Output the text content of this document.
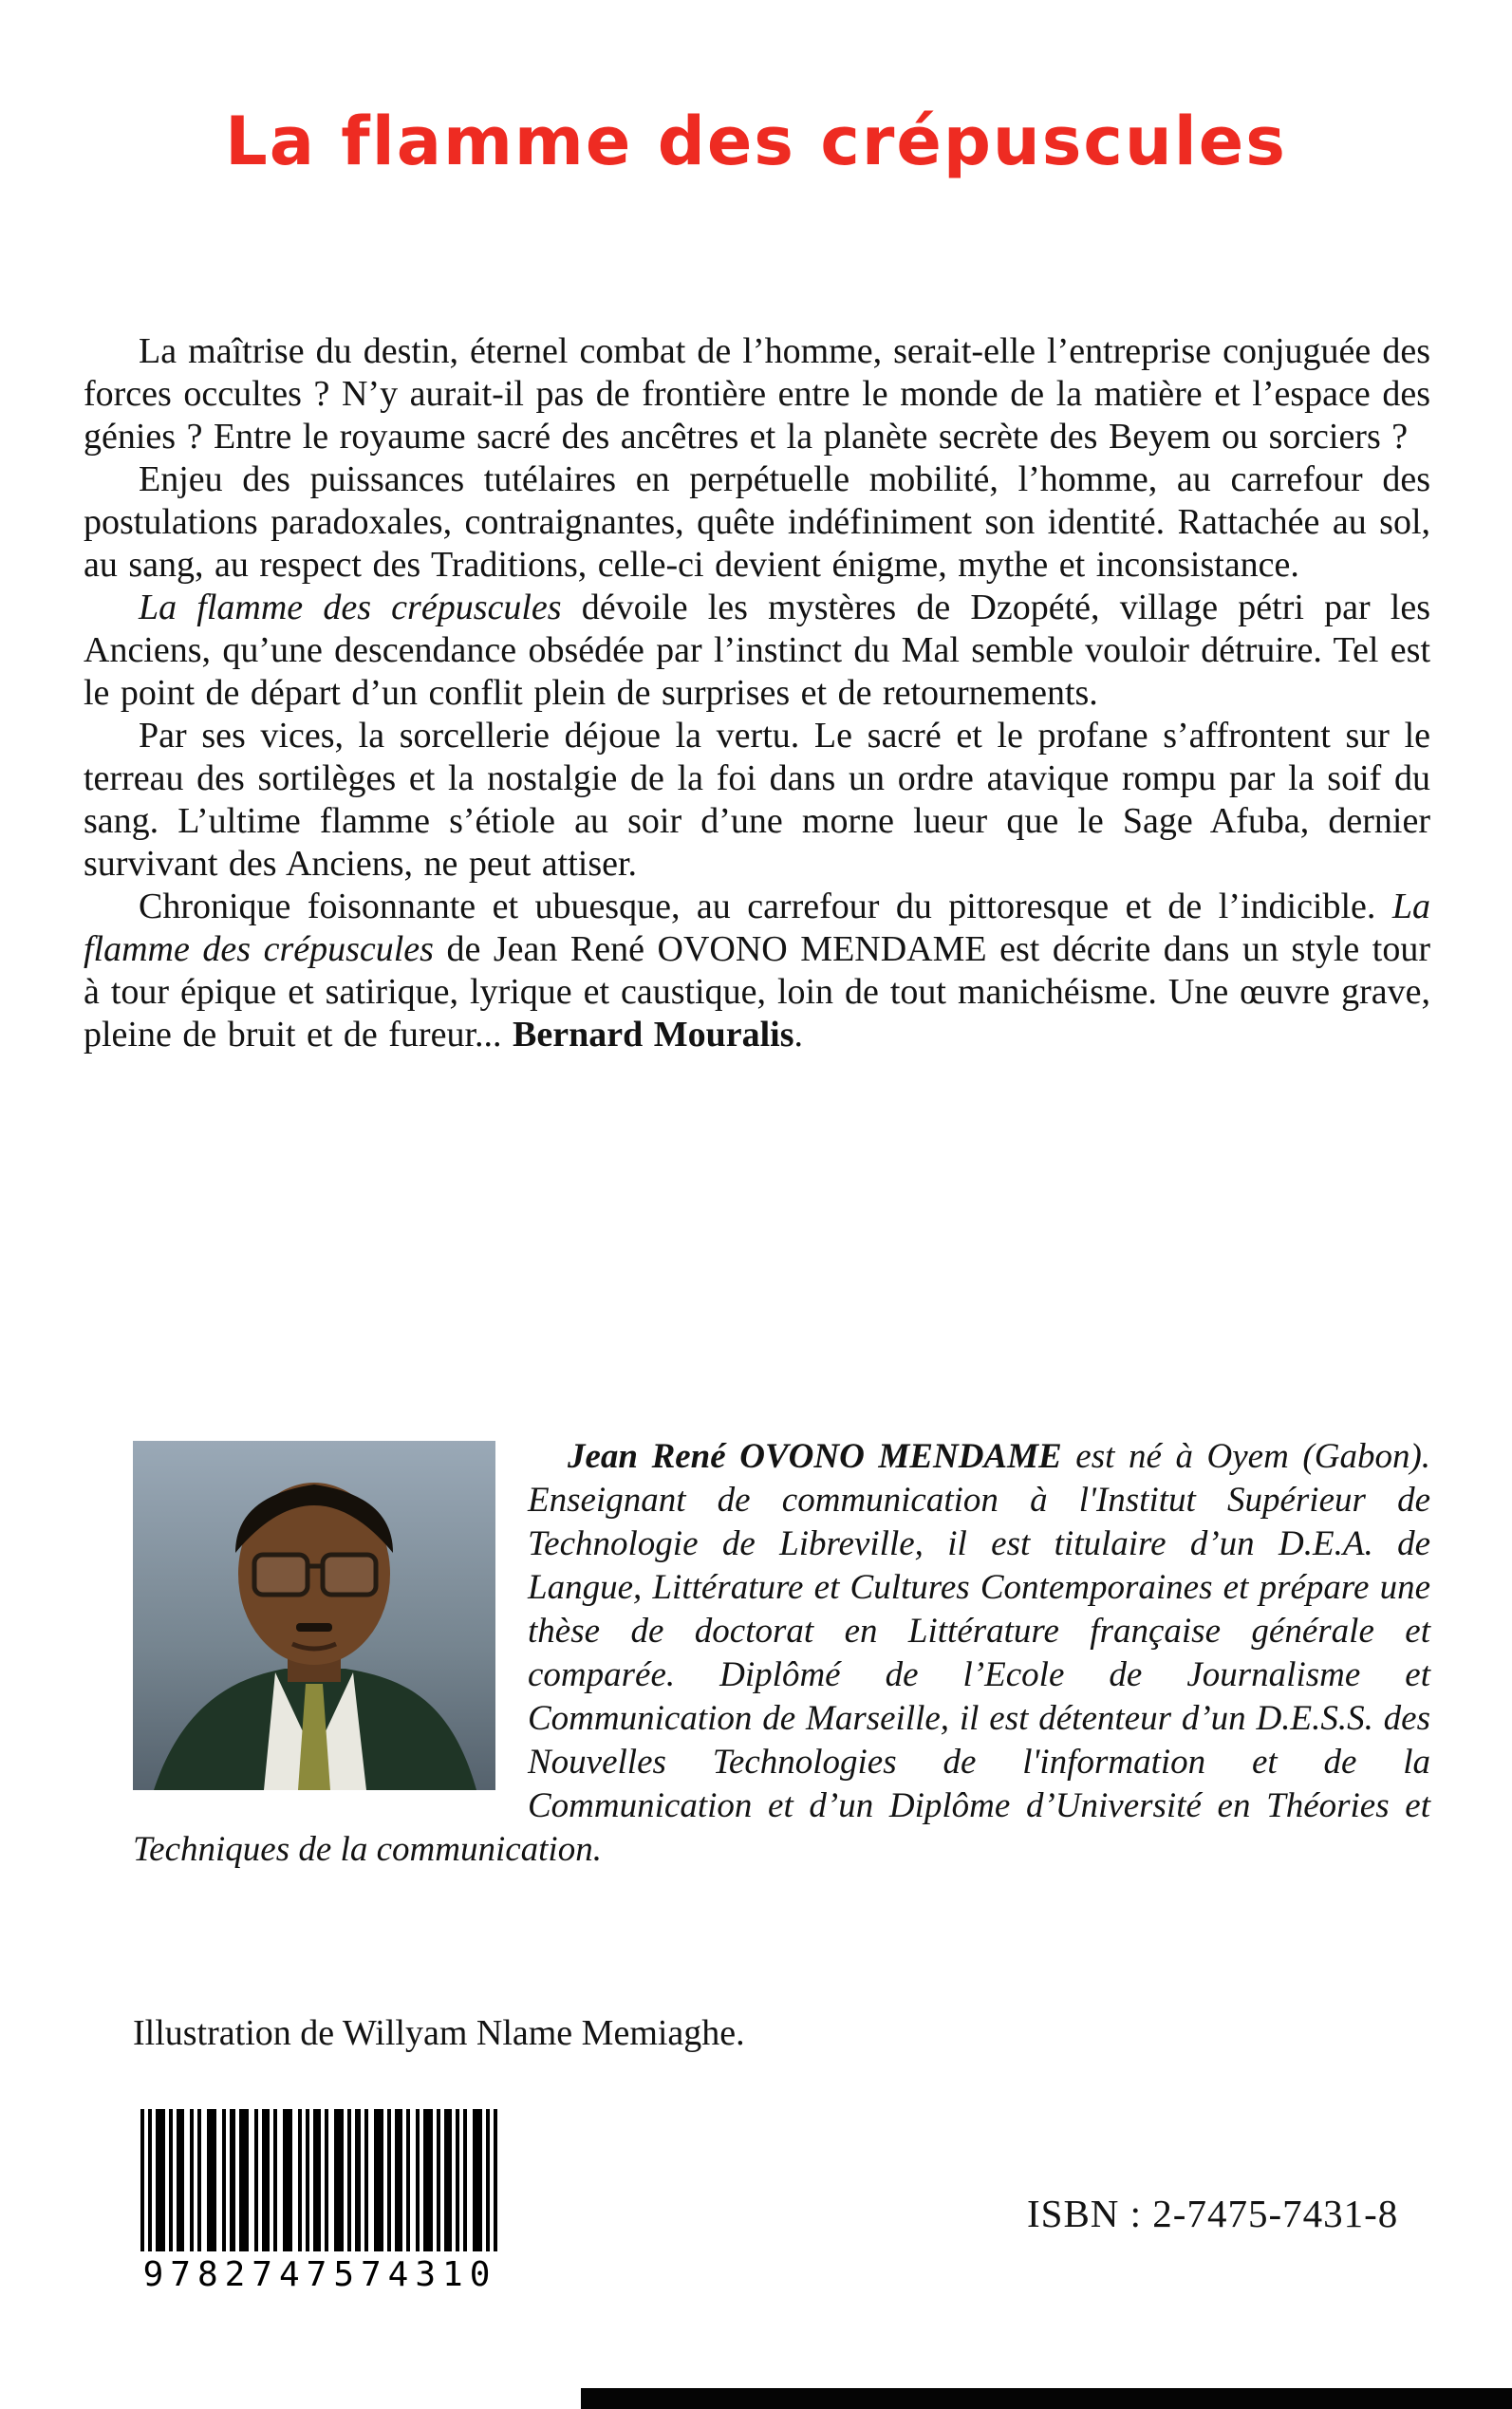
La flamme des crépuscules

La maîtrise du destin, éternel combat de l’homme, serait-elle l’entreprise conjuguée des forces occultes ? N’y aurait-il pas de frontière entre le monde de la matière et l’espace des génies ? Entre le royaume sacré des ancêtres et la planète secrète des Beyem ou sorciers ?

Enjeu des puissances tutélaires en perpétuelle mobilité, l’homme, au carrefour des postulations paradoxales, contraignantes, quête indéfiniment son identité. Rattachée au sol, au sang, au respect des Traditions, celle-ci devient énigme, mythe et inconsistance.

La flamme des crépuscules dévoile les mystères de Dzopété, village pétri par les Anciens, qu’une descendance obsédée par l’instinct du Mal semble vouloir détruire. Tel est le point de départ d’un conflit plein de surprises et de retournements.

Par ses vices, la sorcellerie déjoue la vertu. Le sacré et le profane s’affrontent sur le terreau des sortilèges et la nostalgie de la foi dans un ordre atavique rompu par la soif du sang. L’ultime flamme s’étiole au soir d’une morne lueur que le Sage Afuba, dernier survivant des Anciens, ne peut attiser.

Chronique foisonnante et ubuesque, au carrefour du pittoresque et de l’indicible. La flamme des crépuscules de Jean René OVONO MENDAME est décrite dans un style tour à tour épique et satirique, lyrique et caustique, loin de tout manichéisme. Une œuvre grave, pleine de bruit et de fureur... Bernard Mouralis.

Jean René OVONO MENDAME est né à Oyem (Gabon). Enseignant de communication à l'Institut Supérieur de Technologie de Libreville, il est titulaire d’un D.E.A. de Langue, Littérature et Cultures Contemporaines et prépare une thèse de doctorat en Littérature française générale et comparée. Diplômé de l’Ecole de Journalisme et Communication de Marseille, il est détenteur d’un D.E.S.S. des Nouvelles Technologies de l'information et de la Communication et d’un Diplôme d’Université en Théories et Techniques de la communication.

Illustration de Willyam Nlame Memiaghe.

9782747574310

ISBN : 2-7475-7431-8
